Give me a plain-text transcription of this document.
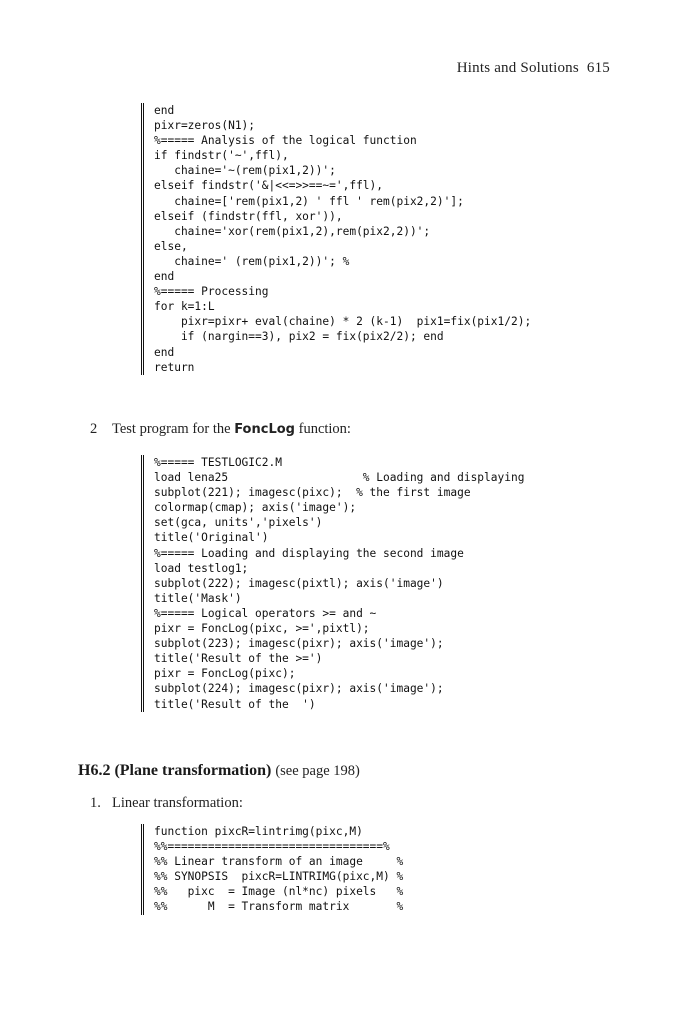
Hints and Solutions 615
end
pixr=zeros(N1);
%===== Analysis of the logical function
if findstr('~',ffl),
chaine='~(rem(pix1,2))';
elseif findstr('&|<<=>>==~=',ffl),
chaine=['rem(pix1,2) ' ffl ' rem(pix2,2)'];
elseif (findstr(ffl, xor')),
chaine='xor(rem(pix1,2),rem(pix2,2))';
else,
chaine=' (rem(pix1,2))'; %
end
%===== Processing
for k=1:L
pixr=pixr+ eval(chaine) * 2 (k-1)  pix1=fix(pix1/2);
if (nargin==3), pix2 = fix(pix2/2); end
end
return
2 Test program for the FoncLog function:
%===== TESTLOGIC2.M
load lena25                    % Loading and displaying
subplot(221); imagesc(pixc);  % the first image
colormap(cmap); axis('image');
set(gca, units','pixels')
title('Original')
%===== Loading and displaying the second image
load testlog1;
subplot(222); imagesc(pixtl); axis('image')
title('Mask')
%===== Logical operators >= and ~
pixr = FoncLog(pixc, >=',pixtl);
subplot(223); imagesc(pixr); axis('image');
title('Result of the >=')
pixr = FoncLog(pixc);
subplot(224); imagesc(pixr); axis('image');
title('Result of the  ')
H6.2 (Plane transformation) (see page 198)
1. Linear transformation:
function pixcR=lintrimg(pixc,M)
%%================================%
%% Linear transform of an image     %
%% SYNOPSIS  pixcR=LINTRIMG(pixc,M) %
%%   pixc  = Image (nl*nc) pixels   %
%%      M  = Transform matrix       %
